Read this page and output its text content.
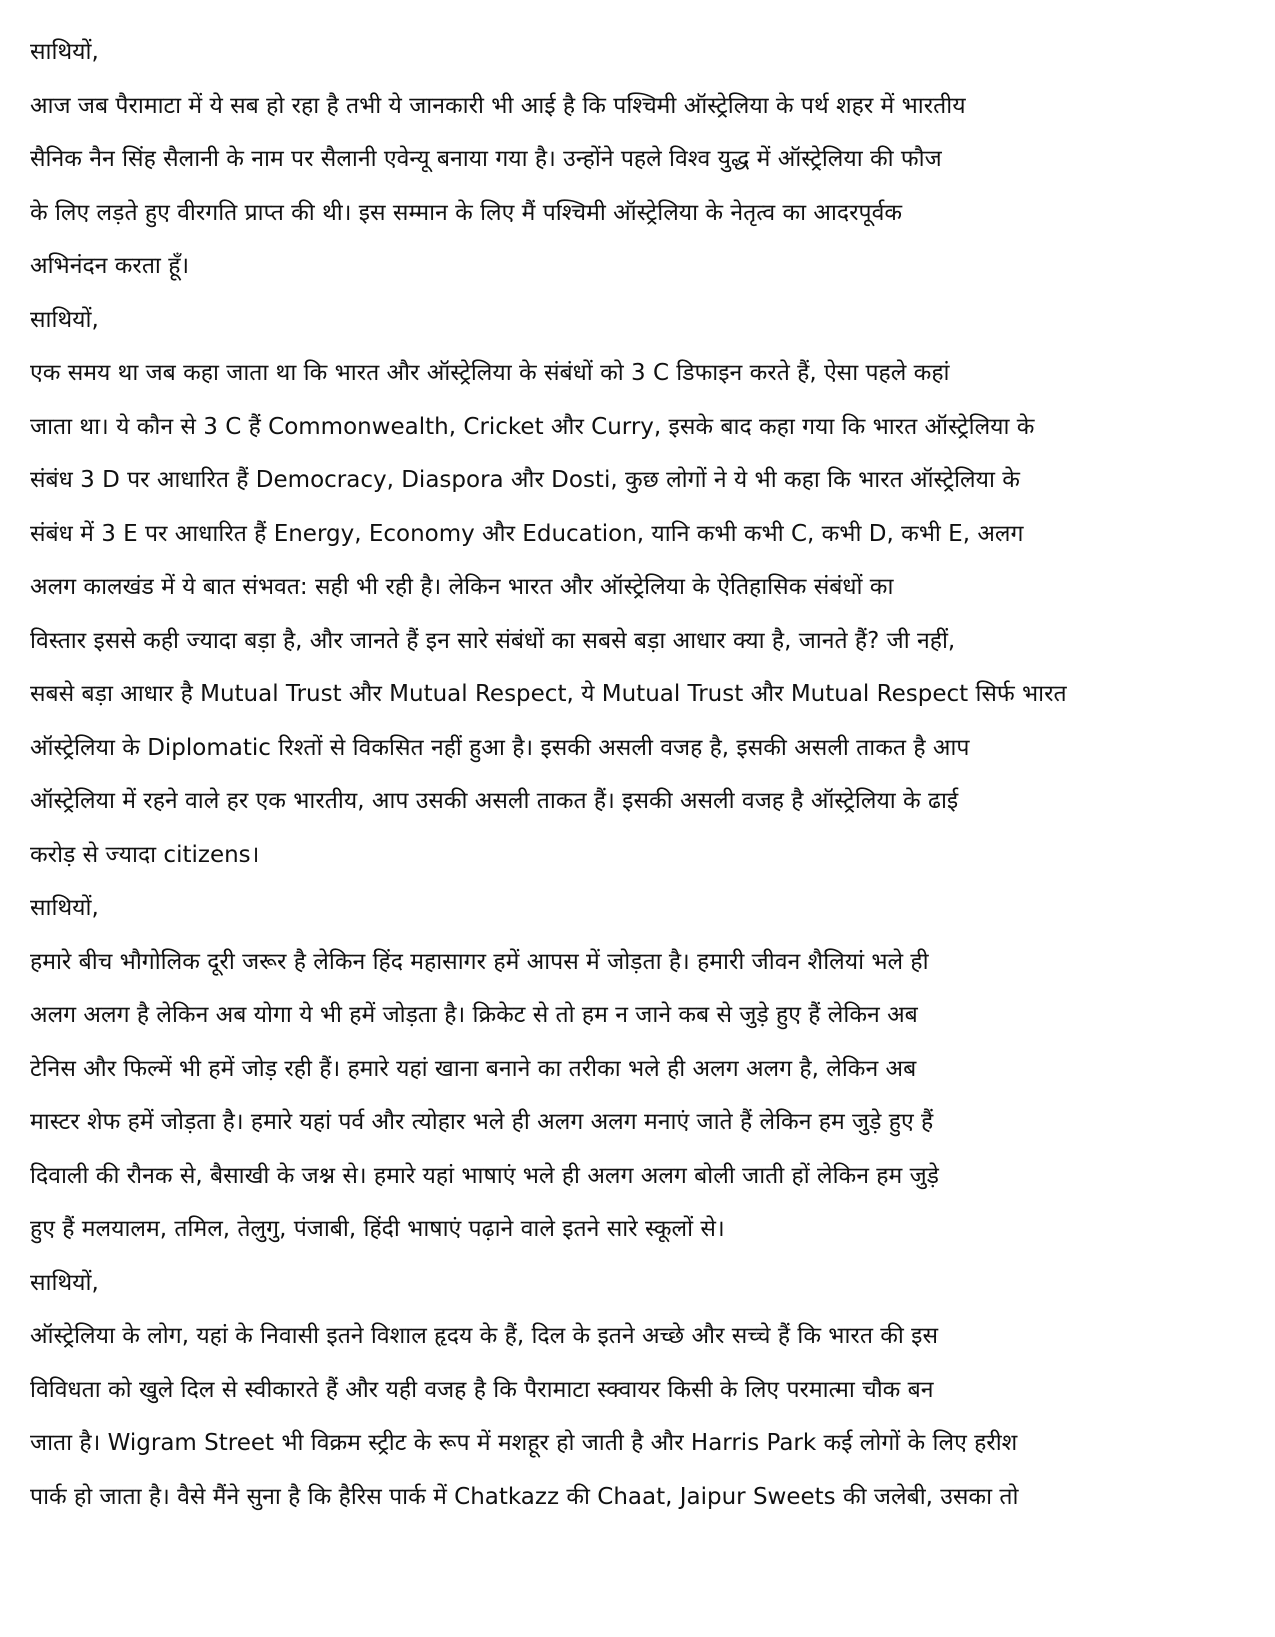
साथियों,
आज जब पैरामाटा में ये सब हो रहा है तभी ये जानकारी भी आई है कि पश्चिमी ऑस्ट्रेलिया के पर्थ शहर में भारतीय
सैनिक नैन सिंह सैलानी के नाम पर सैलानी एवेन्यू बनाया गया है। उन्होंने पहले विश्व युद्ध में ऑस्ट्रेलिया की फौज
के लिए लड़ते हुए वीरगति प्राप्त की थी। इस सम्मान के लिए मैं पश्चिमी ऑस्ट्रेलिया के नेतृत्व का आदरपूर्वक
अभिनंदन करता हूँ।
साथियों,
एक समय था जब कहा जाता था कि भारत और ऑस्ट्रेलिया के संबंधों को 3 C डिफाइन करते हैं, ऐसा पहले कहां
जाता था। ये कौन से 3 C हैं Commonwealth, Cricket और Curry, इसके बाद कहा गया कि भारत ऑस्ट्रेलिया के
संबंध 3 D पर आधारित हैं Democracy, Diaspora और Dosti, कुछ लोगों ने ये भी कहा कि भारत ऑस्ट्रेलिया के
संबंध में 3 E पर आधारित हैं Energy, Economy और Education, यानि कभी कभी C, कभी D, कभी E, अलग
अलग कालखंड में ये बात संभवत: सही भी रही है। लेकिन भारत और ऑस्ट्रेलिया के ऐतिहासिक संबंधों का
विस्तार इससे कही ज्यादा बड़ा है, और जानते हैं इन सारे संबंधों का सबसे बड़ा आधार क्या है, जानते हैं? जी नहीं,
सबसे बड़ा आधार है Mutual Trust और Mutual Respect, ये Mutual Trust और Mutual Respect सिर्फ भारत
ऑस्ट्रेलिया के Diplomatic रिश्तों से विकसित नहीं हुआ है। इसकी असली वजह है, इसकी असली ताकत है आप
ऑस्ट्रेलिया में रहने वाले हर एक भारतीय, आप उसकी असली ताकत हैं। इसकी असली वजह है ऑस्ट्रेलिया के ढाई
करोड़ से ज्यादा citizens।
साथियों,
हमारे बीच भौगोलिक दूरी जरूर है लेकिन हिंद महासागर हमें आपस में जोड़ता है। हमारी जीवन शैलियां भले ही
अलग अलग है लेकिन अब योगा ये भी हमें जोड़ता है। क्रिकेट से तो हम न जाने कब से जुड़े हुए हैं लेकिन अब
टेनिस और फिल्में भी हमें जोड़ रही हैं। हमारे यहां खाना बनाने का तरीका भले ही अलग अलग है, लेकिन अब
मास्टर शेफ हमें जोड़ता है। हमारे यहां पर्व और त्योहार भले ही अलग अलग मनाएं जाते हैं लेकिन हम जुड़े हुए हैं
दिवाली की रौनक से, बैसाखी के जश्न से। हमारे यहां भाषाएं भले ही अलग अलग बोली जाती हों लेकिन हम जुड़े
हुए हैं मलयालम, तमिल, तेलुगु, पंजाबी, हिंदी भाषाएं पढ़ाने वाले इतने सारे स्कूलों से।
साथियों,
ऑस्ट्रेलिया के लोग, यहां के निवासी इतने विशाल हृदय के हैं, दिल के इतने अच्छे और सच्चे हैं कि भारत की इस
विविधता को खुले दिल से स्वीकारते हैं और यही वजह है कि पैरामाटा स्क्वायर किसी के लिए परमात्मा चौक बन
जाता है। Wigram Street भी विक्रम स्ट्रीट के रूप में मशहूर हो जाती है और Harris Park कई लोगों के लिए हरीश
पार्क हो जाता है। वैसे मैंने सुना है कि हैरिस पार्क में Chatkazz की Chaat, Jaipur Sweets की जलेबी, उसका तो
